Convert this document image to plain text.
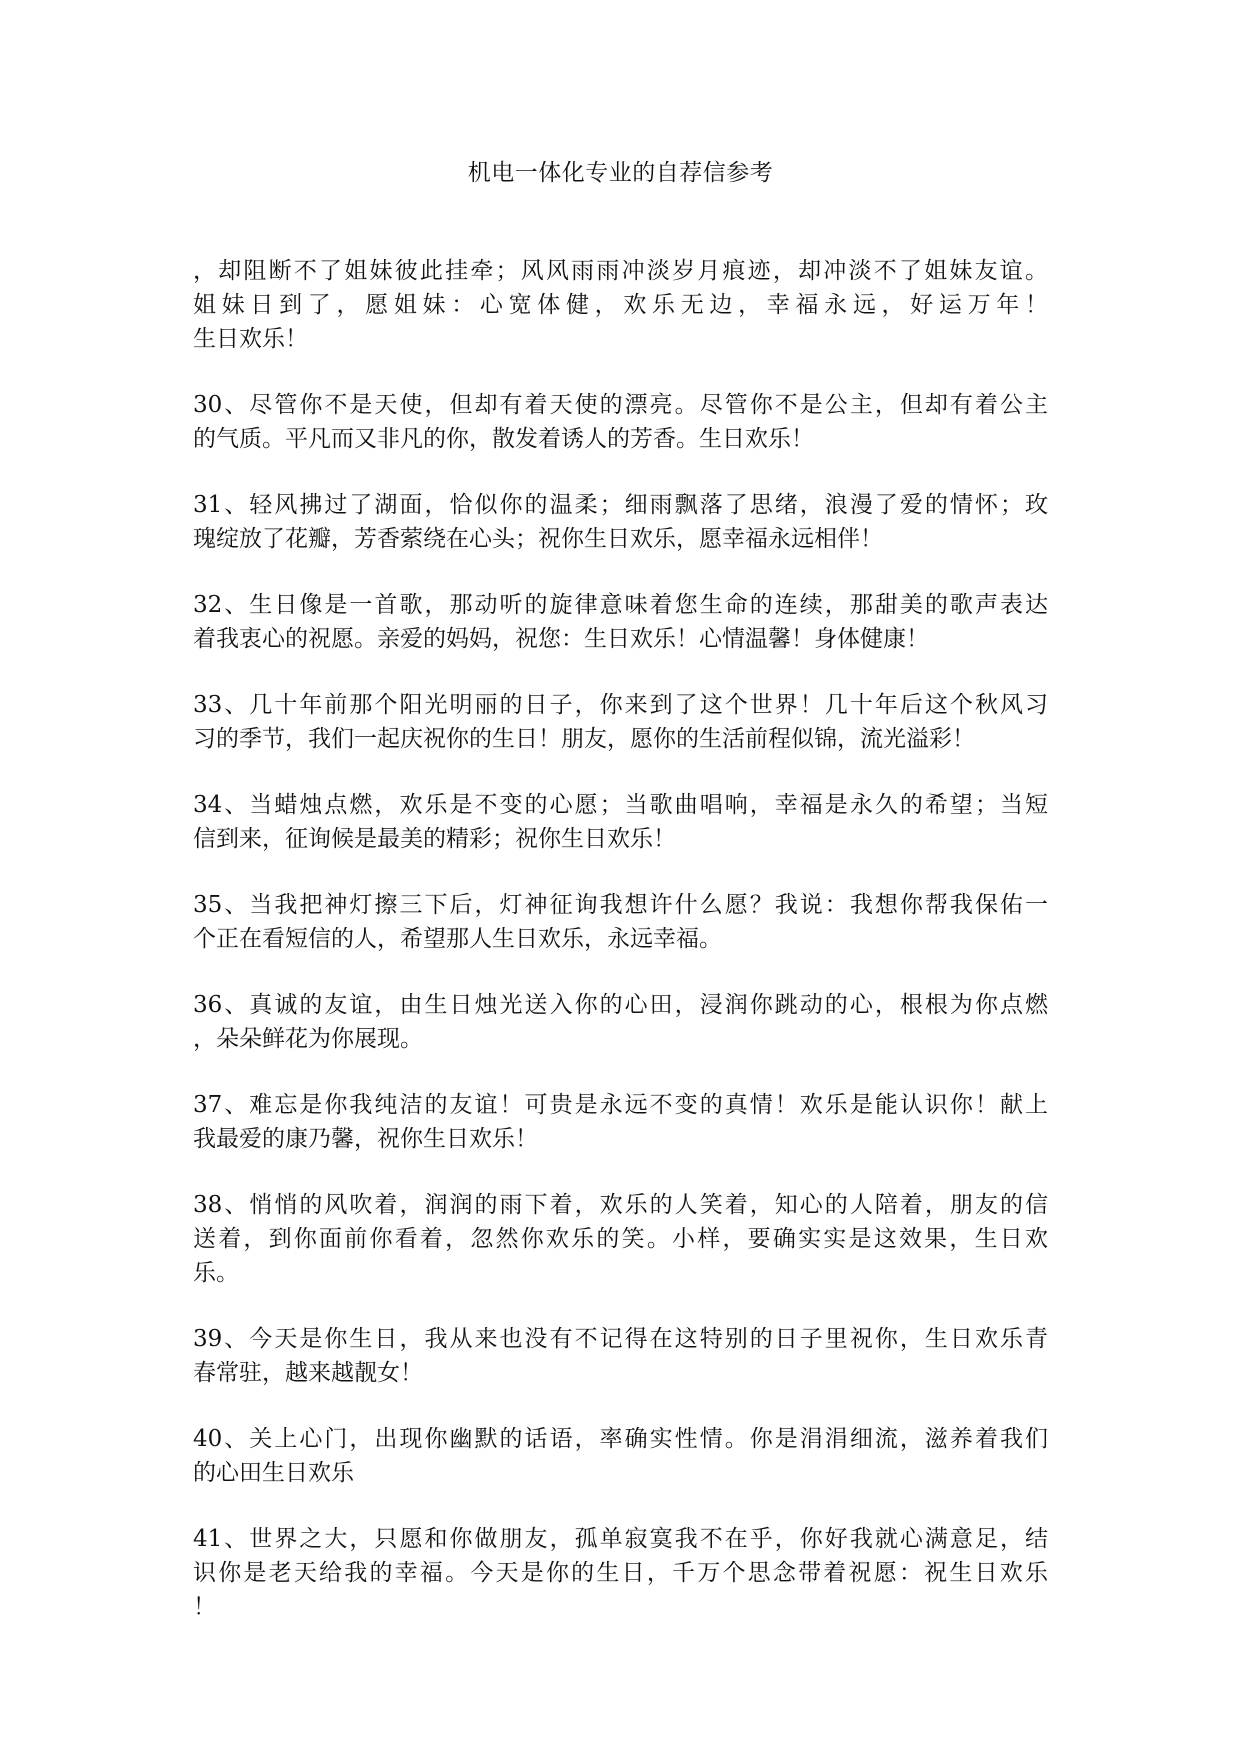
机电一体化专业的自荐信参考
，却阻断不了姐妹彼此挂牵；风风雨雨冲淡岁月痕迹，却冲淡不了姐妹友谊。
姐妹日到了，愿姐妹：心宽体健，欢乐无边，幸福永远，好运万年！
生日欢乐！
30、尽管你不是天使，但却有着天使的漂亮。尽管你不是公主，但却有着公主
的气质。平凡而又非凡的你，散发着诱人的芳香。生日欢乐！
31、轻风拂过了湖面，恰似你的温柔；细雨飘落了思绪，浪漫了爱的情怀；玫
瑰绽放了花瓣，芳香萦绕在心头；祝你生日欢乐，愿幸福永远相伴！
32、生日像是一首歌，那动听的旋律意味着您生命的连续，那甜美的歌声表达
着我衷心的祝愿。亲爱的妈妈，祝您：生日欢乐！心情温馨！身体健康！
33、几十年前那个阳光明丽的日子，你来到了这个世界！几十年后这个秋风习
习的季节，我们一起庆祝你的生日！朋友，愿你的生活前程似锦，流光溢彩！
34、当蜡烛点燃，欢乐是不变的心愿；当歌曲唱响，幸福是永久的希望；当短
信到来，征询候是最美的精彩；祝你生日欢乐！
35、当我把神灯擦三下后，灯神征询我想许什么愿？我说：我想你帮我保佑一
个正在看短信的人，希望那人生日欢乐，永远幸福。
36、真诚的友谊，由生日烛光送入你的心田，浸润你跳动的心，根根为你点燃
，朵朵鲜花为你展现。
37、难忘是你我纯洁的友谊！可贵是永远不变的真情！欢乐是能认识你！献上
我最爱的康乃馨，祝你生日欢乐！
38、悄悄的风吹着，润润的雨下着，欢乐的人笑着，知心的人陪着，朋友的信
送着，到你面前你看着，忽然你欢乐的笑。小样，要确实实是这效果，生日欢
乐。
39、今天是你生日，我从来也没有不记得在这特别的日子里祝你，生日欢乐青
春常驻，越来越靓女！
40、关上心门，出现你幽默的话语，率确实性情。你是涓涓细流，滋养着我们
的心田生日欢乐
41、世界之大，只愿和你做朋友，孤单寂寞我不在乎，你好我就心满意足，结
识你是老天给我的幸福。今天是你的生日，千万个思念带着祝愿：祝生日欢乐
！
